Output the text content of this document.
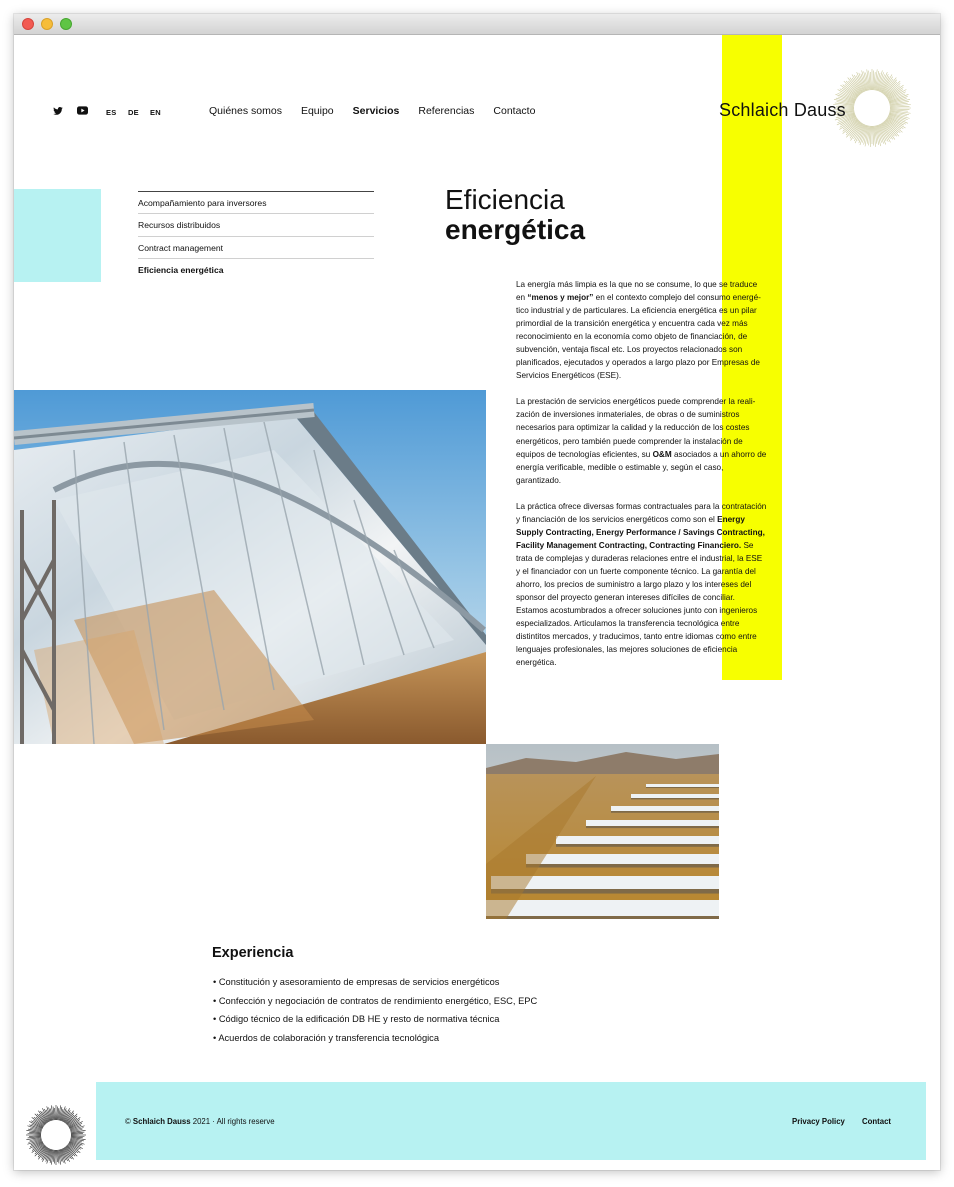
ES DE EN	Quiénes somos Equipo Servicios Referencias Contacto	Schlaich Dauss
Acompañamiento para inversores
Recursos distribuidos
Contract management
Eficiencia energética
Eficiencia
energética

La energía más limpia es la que no se consume, lo que se traduce en “menos y mejor” en el contexto complejo del consumo energético industrial y de particulares. La eficiencia energética es un pilar primordial de la transición energética y encuentra cada vez más reconocimiento en la economía como objeto de financiación, de subvención, ventaja fiscal etc. Los proyectos relacionados son planificados, ejecutados y operados a largo plazo por Empresas de Servicios Energéticos (ESE).

La prestación de servicios energéticos puede comprender la realización de inversiones inmateriales, de obras o de suministros necesarios para optimizar la calidad y la reducción de los costes energéticos, pero también puede comprender la instalación de equipos de tecnologías eficientes, su O&M asociados a un ahorro de energía verificable, medible o estimable y, según el caso, garantizado.

La práctica ofrece diversas formas contractuales para la contratación y financiación de los servicios energéticos como son el Energy Supply Contracting, Energy Performance / Savings Contracting, Facility Management Contracting, Contracting Financiero. Se trata de complejas y duraderas relaciones entre el industrial, la ESE y el financiador con un fuerte componente técnico. La garantía del ahorro, los precios de suministro a largo plazo y los intereses del sponsor del proyecto generan intereses difíciles de conciliar. Estamos acostumbrados a ofrecer soluciones junto con ingenieros especializados. Articulamos la transferencia tecnológica entre distintitos mercados, y traducimos, tanto entre idiomas como entre lenguajes profesionales, las mejores soluciones de eficiencia energética.

Experiencia
• Constitución y asesoramiento de empresas de servicios energéticos
• Confección y negociación de contratos de rendimiento energético, ESC, EPC
• Código técnico de la edificación DB HE y resto de normativa técnica
• Acuerdos de colaboración y transferencia tecnológica
© Schlaich Dauss 2021 · All rights reserve	Privacy Policy Contact
